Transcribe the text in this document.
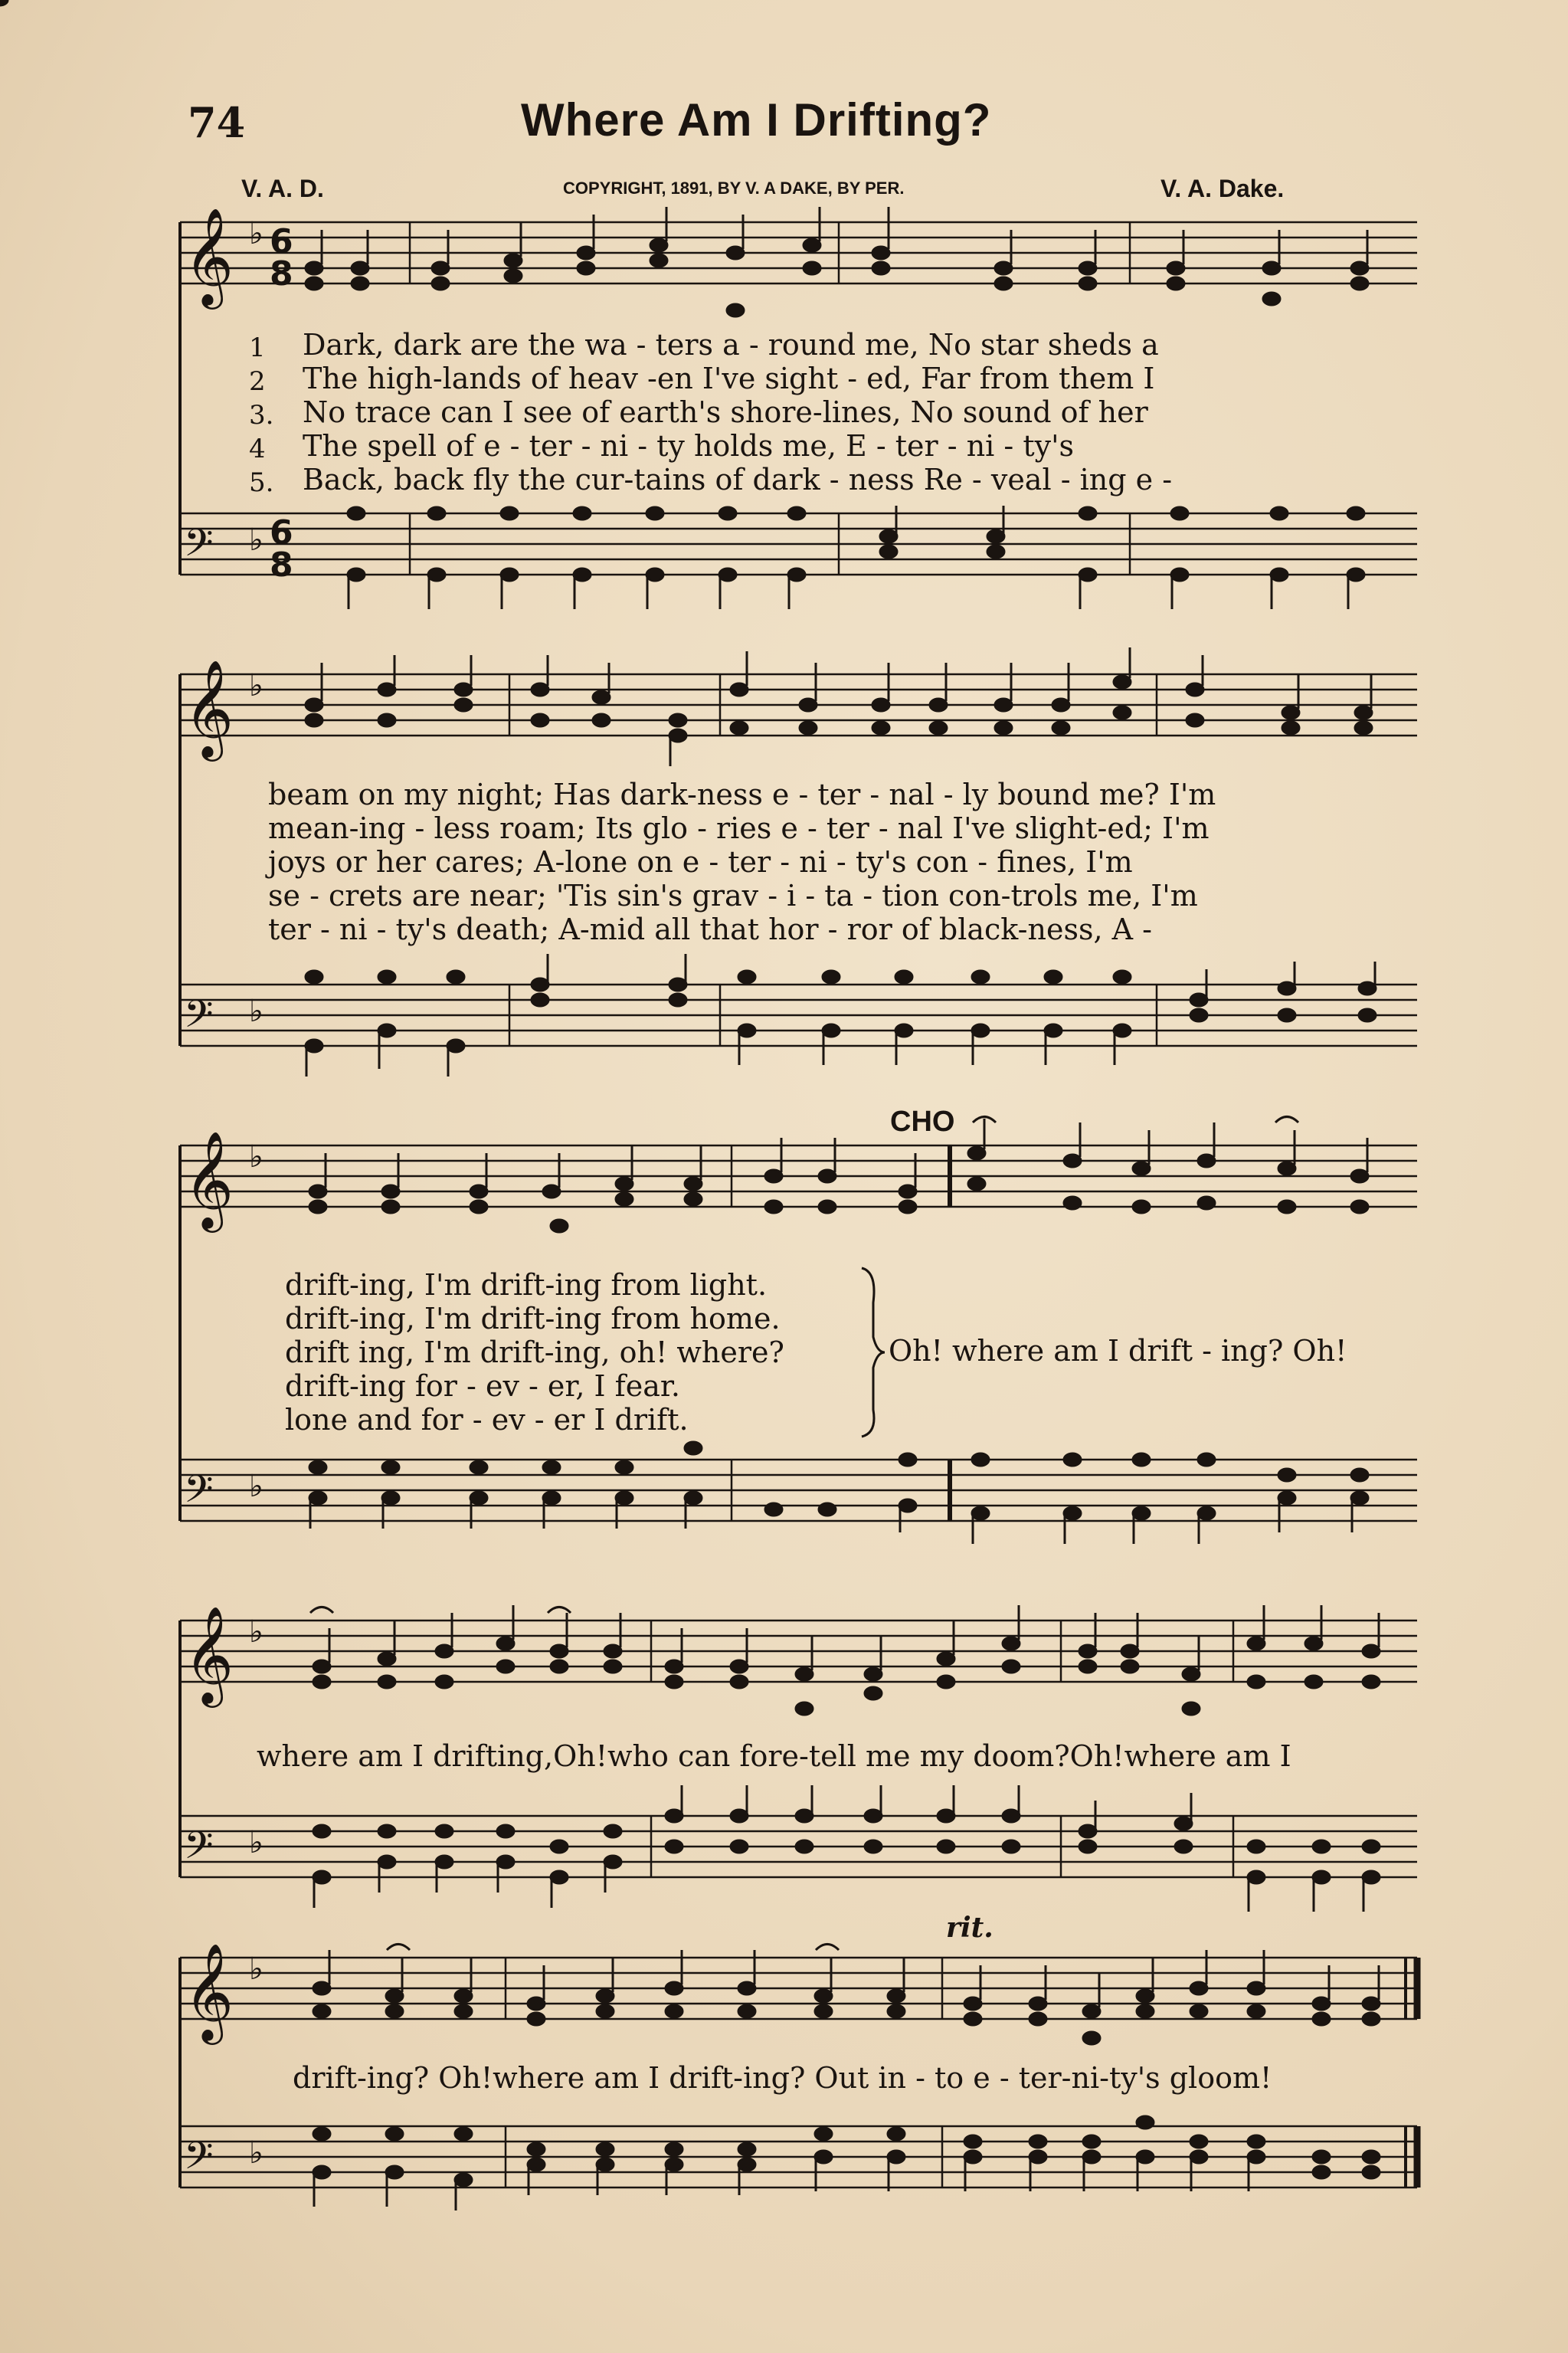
74	Where Am I Drifting?
V. A. D.	COPYRIGHT, 1891, BY V. A DAKE, BY PER.	V. A. Dake.
𝄞
𝄢
𝄞
𝄢
𝄞
𝄢
𝄞
𝄢
𝄞
𝄢
♭
♭
♭
♭
♭
♭
♭
♭
♭
♭
6
8
6
8
1
2
3.
4
5.
Dark, dark are the wa - ters a - round me, No star sheds a
The high-lands of heav -en I've sight - ed, Far from them I
No trace can I see of earth's shore-lines, No sound of her
The spell of e - ter - ni - ty holds me, E - ter - ni - ty's
Back, back fly the cur-tains of dark - ness Re - veal - ing e -
beam on my night; Has dark-ness e - ter - nal - ly bound me? I'm
mean-ing - less roam; Its glo - ries e - ter - nal I've slight-ed; I'm
joys or her cares; A-lone on e - ter - ni - ty's con - fines, I'm
se - crets are near; 'Tis sin's grav - i - ta - tion con-trols me, I'm
ter - ni - ty's death; A-mid all that hor - ror of black-ness, A -
drift-ing, I'm drift-ing from light.
drift-ing, I'm drift-ing from home.
drift ing, I'm drift-ing, oh! where?
drift-ing for - ev - er, I fear.
lone and for - ev - er I drift.
CHO
Oh! where am I drift - ing? Oh!
where am I drifting,Oh!who can fore-tell me my doom?Oh!where am I
rit.
drift-ing? Oh!where am I drift-ing? Out in - to e - ter-ni-ty's gloom!
